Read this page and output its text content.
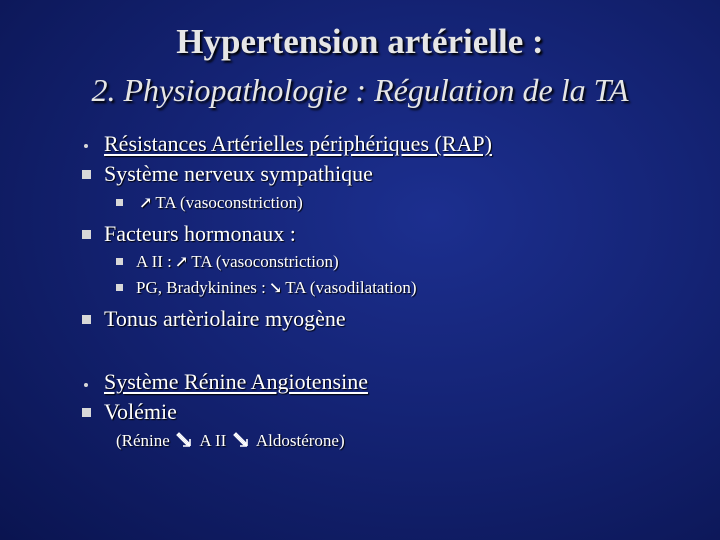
Hypertension artérielle :
2. Physiopathologie : Régulation de la TA
Résistances Artérielles périphériques (RAP)
Système nerveux sympathique
↗ TA (vasoconstriction)
Facteurs hormonaux :
A II : ↗ TA (vasoconstriction)
PG, Bradykinines : ↘ TA (vasodilatation)
Tonus artèriolaire myogène
Système Rénine Angiotensine
Volémie
(Rénine A II Aldostérone)
